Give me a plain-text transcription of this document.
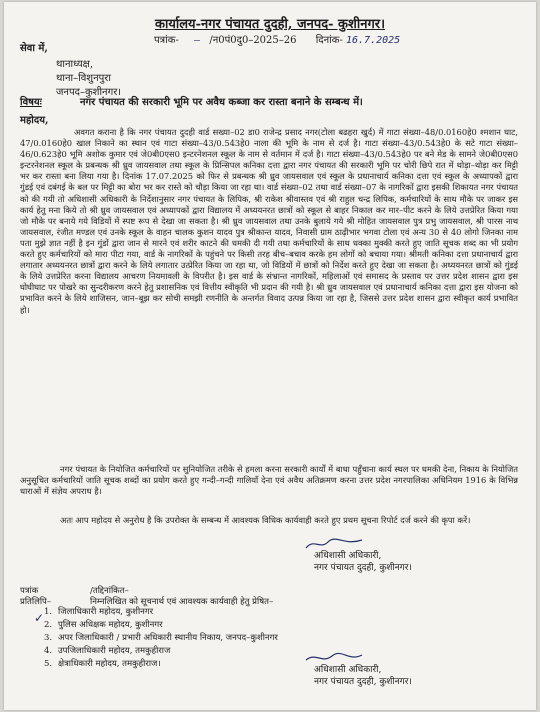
कार्यालय-नगर पंचायत दुदही, जनपद- कुशीनगर।
पत्रांक-   —  /न0पं0दु0–2025–26 दिनांक- 16.7.2025
सेवा में,
थानाध्यक्ष,
थाना–विशुनपुरा
जनपद–कुशीनगर।
विषयः	नगर पंचायत की सरकारी भूमि पर अवैध कब्जा कर रास्ता बनाने के सम्बन्ध में।
महोदय,
अवगत कराना है कि नगर पंचायत दुदही वार्ड सख्या–02 डा0 राजेन्द्र प्रसाद नगर(टोला बढहरा खुर्द) में गाटा संख्या–48/0.0160हे0 श्मशान घाट, 47/0.0160हे0 खाल निकाने का स्थान एवं गाटा संख्या–43/0.543हे0 नाला की भूमि के नाम से दर्ज है। गाटा संख्या–43/0.543हे0 के सटे गाटा संख्या–46/0.623हे0 भूमि अशोक कुमार एवं जे0बी0एस0 इन्टरनेशनल स्कूल के नाम से वर्तमान में दर्ज है। गाटा संख्या–43/0.543हे0 पर बने मेड के सामने जे0बी0एस0 इन्टरनेशनल स्कूल के प्रबन्धक श्री ध्रुव जायसवाल तथा स्कूल के प्रिन्सिपल कनिका दत्ता द्वारा नगर पंचायत की सरकारी भूमि पर चोरी छिपे रात में थोड़ा–थोड़ा कर मिट्टी भर कर रास्ता बना लिया गया है। दिनांक 17.07.2025 को फिर से प्रबन्धक श्री ध्रुव जायसवाल एवं स्कूल के प्रधानाचार्य कनिका दत्ता एवं स्कूल के अध्यापकों द्वारा गुंडई एवं दबंगई के बल पर मिट्टी का बोरा भर कर रास्ते को चौड़ा किया जा रहा था। वार्ड संख्या–02 तथा वार्ड संख्या–07 के नागरिकों द्वारा इसकी शिकायत नगर पंचायत को की गयी तो अधिशासी अधिकारी के निर्देशानुसार नगर पंचायत के लिपिक, श्री राकेश श्रीवास्तव एवं श्री राहुल चन्द्र लिपिक, कर्मचारियों के साथ मौके पर जाकर इस कार्य हेतु मना किये तो श्री ध्रुव जायसवाल एवं अध्यापकों द्वारा विद्यालय में अध्ययनरत छात्रों को स्कूल से बाहर निकाल कर मार–पीट करने के लिये उत्तप्रेरित किया गया जो मौके पर बनाये गये विडियों में स्पष्ट रूप से देखा जा सकता है। श्री ध्रुव जायसवाल तथा उनके बुलाये गये श्री मोहित जायसवाल पुत्र प्रभु जायसवाल, श्री पारस नाथ जायसवाल, रंजीत मण्डल एवं उनके स्कूल के वाहन चालक कुशन यादव पुत्र श्रीकान्त यादव, निवासी ग्राम ठाढ़ीभार भगवा टोला एवं अन्य 30 से 40 लोगो जिनका नाम पता मुझे ज्ञात नहीं है इन गुंडों द्वारा जान से मारने एवं शरीर काटने की धमकी दी गयी तथा कर्मचारियों के साथ धक्का मुक्की करते हुए जाति सूचक शब्द का भी प्रयोग करते हुए कर्मचारियों को मारा पीटा गया, वार्ड के नागरिकों के पहुंचने पर किसी तरह बीच–बचाव करके हम लोगों को बचाया गया। श्रीमती कनिका दत्ता प्रधानाचार्य द्वारा लगातार अध्ययनरत छात्रों द्वारा करने के लिये लगातार उत्प्रेरित किया जा रहा था, जो विडियों में छात्रों को निर्देश करते हुए देखा जा सकता है। अध्ययनरत छात्रों को गुंडई के लिये उत्तप्रेरित करना विद्यालय आचरण नियमावली के विपरीत है। इस वार्ड के संभ्रान्त नागरिकों, महिलाओं एवं समासद के प्रस्ताव पर उत्तर प्रदेश शासन द्वारा इस घोघीघाट पर पोखरे का सुन्दरीकरण करने हेतु प्रशासनिक एवं वित्तीय स्वीकृति भी प्रदान की गयी है। श्री ध्रुव जायसवाल एवं प्रधानाचार्य कनिका दत्ता द्वारा इस योजना को प्रभावित करने के लिये शाजिसन, जान–बूझ कर सोची समझी रणनीति के अन्तर्गत विवाद उत्पन्न किया जा रहा है, जिससे उत्तर प्रदेश शासन द्वारा स्वीकृत कार्य प्रभावित हो।
नगर पंचायत के नियोजित कर्मचारियों पर सुनियोजित तरीके से हमला करना सरकारी कार्यों में बाधा पहुँचाना कार्य स्थल पर धमकी देना, निकाय के नियोजित अनुसूचित कर्मचारियों जाति सूचक शब्दों का प्रयोग करते हुए गन्दी–गन्दी गालियाँ देना एवं अवैध अतिक्रमण करना उत्तर प्रदेश नगरपालिका अधिनियम 1916 के विभिन्न धाराओं में संज्ञेय अपराध है।
अतः आप महोदय से अनुरोध है कि उपरोक्त के सम्बन्ध में आवश्यक विधिक कार्यवाही करते हुए प्रथम सूचना रिपोर्ट दर्ज करने की कृपा करें।
अधिशासी अधिकारी,
नगर पंचायत दुदही, कुशीनगर।
पत्रांक	/तद्दिनांकित–
प्रतिलिपि–	निम्नलिखित को सूचनार्थ एवं आवश्यक कार्यवाही हेतु प्रेषित–
✓ 1. जिलाधिकारी महोदय, कुशीनगर
2. पुलिस अधिक्षक महोदय, कुशीनगर
3. अपर जिलाधिकारी / प्रभारी अधिकारी स्थानीय निकाय, जनपद–कुशीनगर
4. उपजिलाधिकारी महोदय, तमकुहीराज
5. क्षेत्राधिकारी महोदय, तमकुहीराज।
अधिशासी अधिकारी,
नगर पंचायत दुदही, कुशीनगर।
